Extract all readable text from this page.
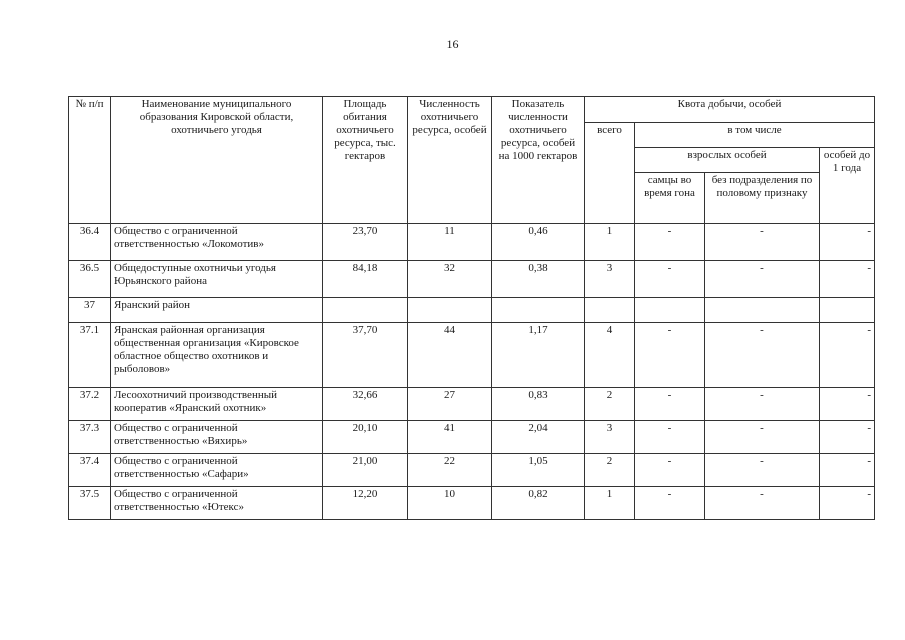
16
№ п/п	Наименование муниципального образования Кировской области, охотничьего угодья	Площадь обитания охотничьего ресурса, тыс. гектаров	Численность охотничьего ресурса, особей	Показатель численности охотничьего ресурса, особей на 1000 гектаров	Квота добычи, особей			
					всего	в том числе		
						взрослых особей		особей до 1 года
						самцы во время гона	без подразделения по половому признаку	
36.4	Общество с ограниченной ответственностью «Локомотив»	23,70	11	0,46	1	-	-	-
36.5	Общедоступные охотничьи угодья Юрьянского района	84,18	32	0,38	3	-	-	-
37	Яранский район							
37.1	Яранская районная организация общественная организация «Кировское областное общество охотников и рыболовов»	37,70	44	1,17	4	-	-	-
37.2	Лесоохотничий производственный кооператив «Яранский охотник»	32,66	27	0,83	2	-	-	-
37.3	Общество с ограниченной ответственностью «Вяхирь»	20,10	41	2,04	3	-	-	-
37.4	Общество с ограниченной ответственностью «Сафари»	21,00	22	1,05	2	-	-	-
37.5	Общество с ограниченной ответственностью «Ютекс»	12,20	10	0,82	1	-	-	-
